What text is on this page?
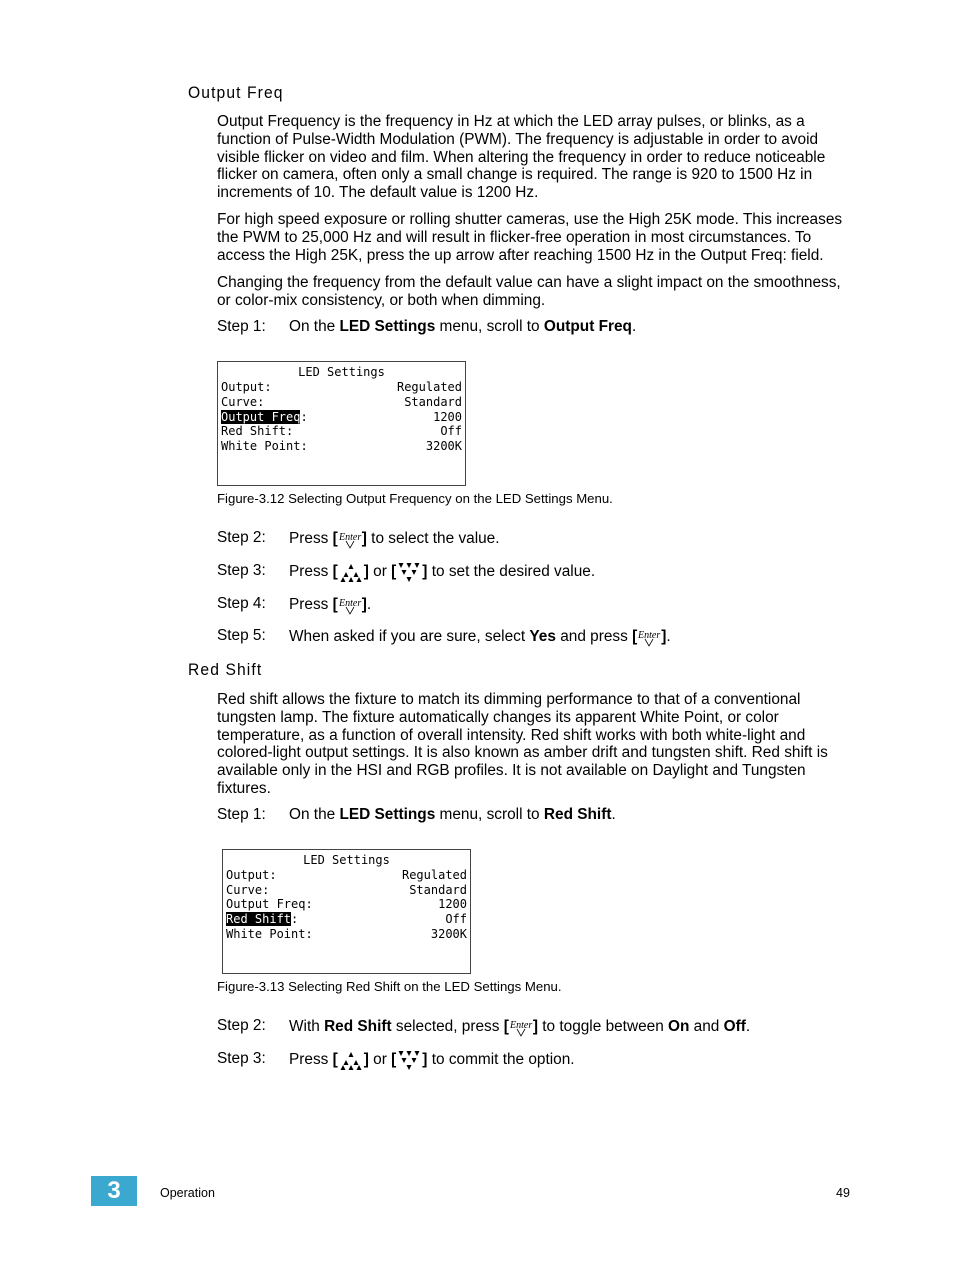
Output Freq
Output Frequency is the frequency in Hz at which the LED array pulses, or blinks, as a function of Pulse-Width Modulation (PWM). The frequency is adjustable in order to avoid visible flicker on video and film. When altering the frequency in order to reduce noticeable flicker on camera, often only a small change is required. The range is 920 to 1500 Hz in increments of 10. The default value is 1200 Hz.
For high speed exposure or rolling shutter cameras, use the High 25K mode. This increases the PWM to 25,000 Hz and will result in flicker-free operation in most circumstances. To access the High 25K, press the up arrow after reaching 1500 Hz in the Output Freq: field.
Changing the frequency from the default value can have a slight impact on the smoothness, or color-mix consistency, or both when dimming.
Step 1: On the LED Settings menu, scroll to Output Freq.
LED Settings
Output:	Regulated
Curve:	Standard
Output Freq:	1200
Red Shift:	Off
White Point:	3200K
Figure-3.12 Selecting Output Frequency on the LED Settings Menu.
Step 2: Press [ Enter ] to select the value.
Step 3: Press [ ] or [ ] to set the desired value.
Step 4: Press [ Enter ].
Step 5: When asked if you are sure, select Yes and press [ Enter ].
Red Shift
Red shift allows the fixture to match its dimming performance to that of a conventional tungsten lamp. The fixture automatically changes its apparent White Point, or color temperature, as a function of overall intensity. Red shift works with both white-light and colored-light output settings. It is also known as amber drift and tungsten shift. Red shift is available only in the HSI and RGB profiles. It is not available on Daylight and Tungsten fixtures.
Step 1: On the LED Settings menu, scroll to Red Shift.
LED Settings
Output:	Regulated
Curve:	Standard
Output Freq:	1200
Red Shift:	Off
White Point:	3200K
Figure-3.13 Selecting Red Shift on the LED Settings Menu.
Step 2: With Red Shift selected, press [ Enter ] to toggle between On and Off.
Step 3: Press [ ] or [ ] to commit the option.
3	Operation	49
